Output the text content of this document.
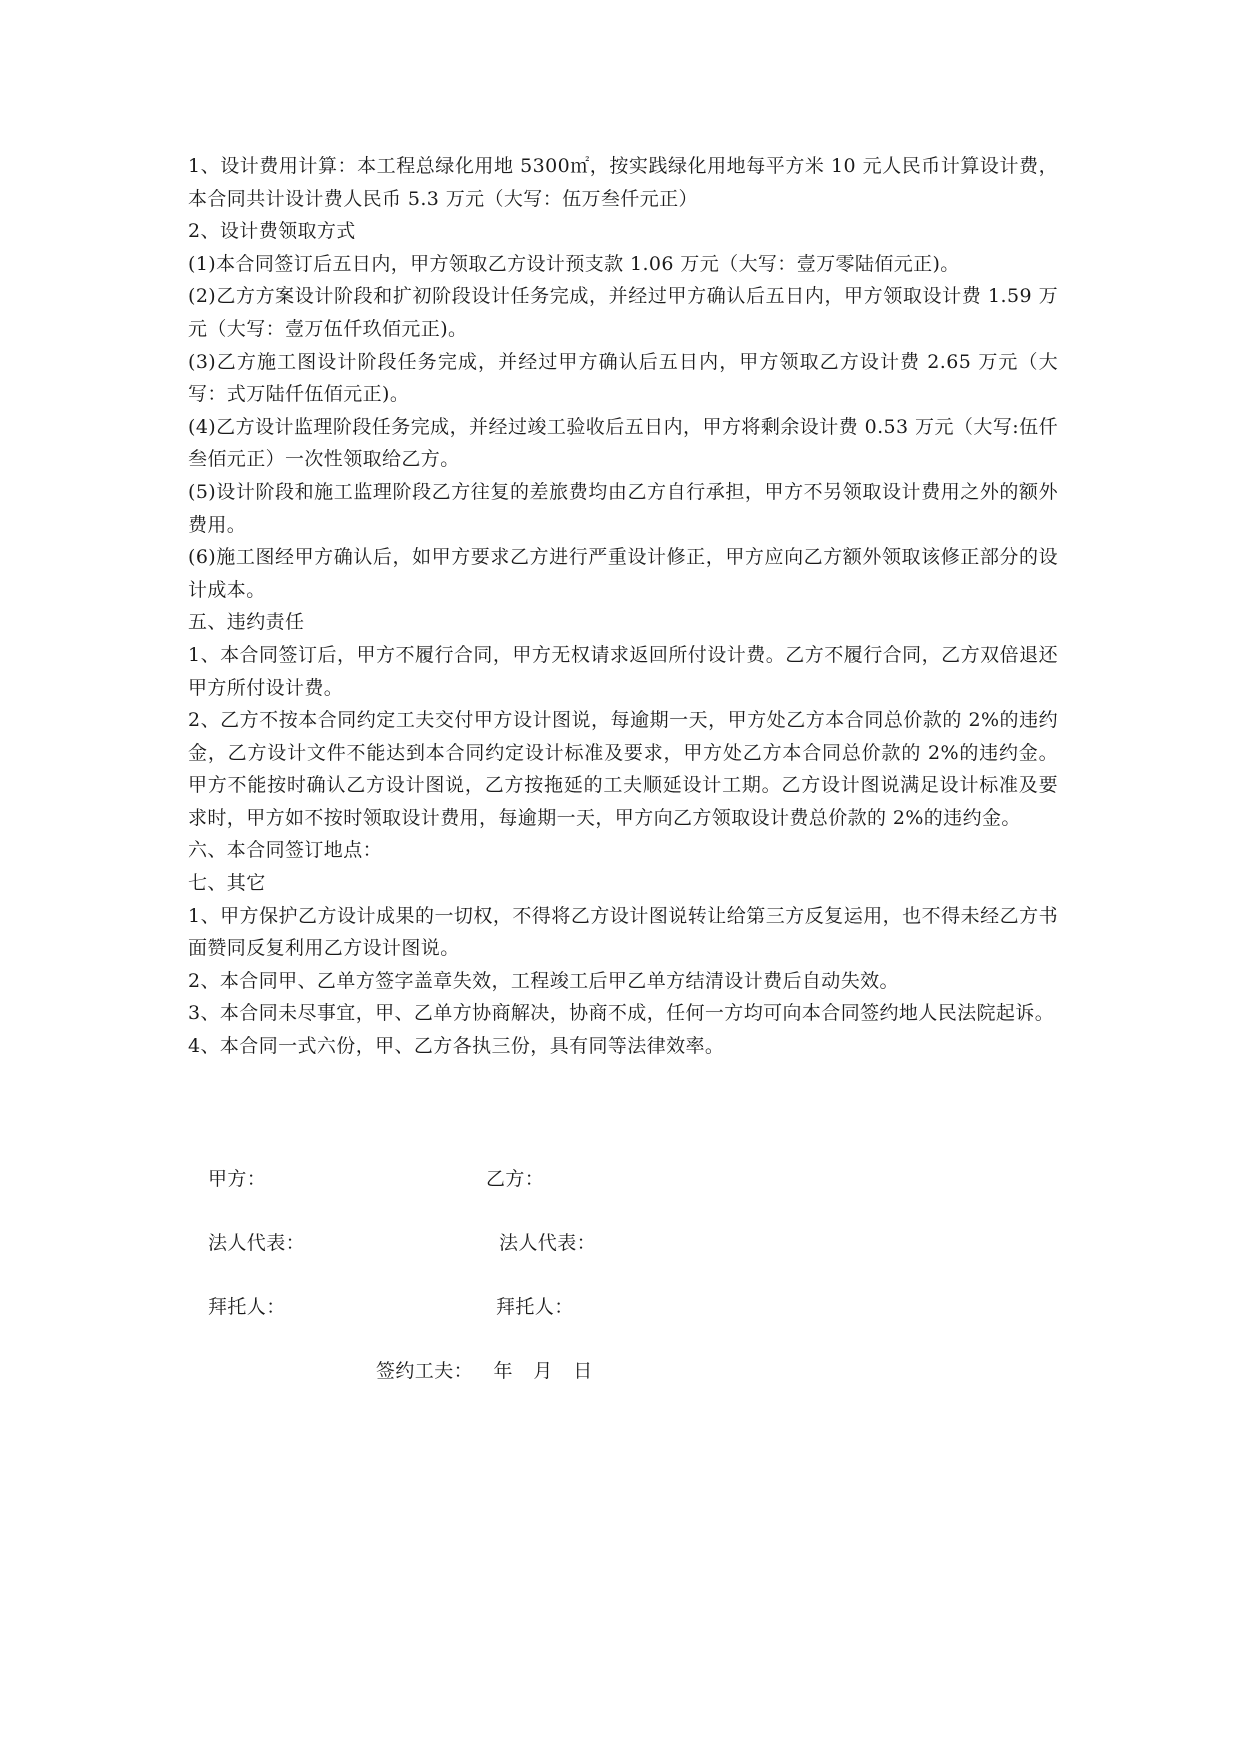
1、设计费用计算：本工程总绿化用地 5300㎡，按实践绿化用地每平方米 10 元人民币计算设计费，本合同共计设计费人民币 5.3 万元（大写：伍万叁仟元正）

2、设计费领取方式

(1)本合同签订后五日内，甲方领取乙方设计预支款 1.06 万元（大写：壹万零陆佰元正)。

(2)乙方方案设计阶段和扩初阶段设计任务完成，并经过甲方确认后五日内，甲方领取设计费 1.59 万元（大写：壹万伍仟玖佰元正)。

(3)乙方施工图设计阶段任务完成，并经过甲方确认后五日内，甲方领取乙方设计费 2.65 万元（大写：式万陆仟伍佰元正)。

(4)乙方设计监理阶段任务完成，并经过竣工验收后五日内，甲方将剩余设计费 0.53 万元（大写:伍仟叁佰元正）一次性领取给乙方。

(5)设计阶段和施工监理阶段乙方往复的差旅费均由乙方自行承担，甲方不另领取设计费用之外的额外费用。

(6)施工图经甲方确认后，如甲方要求乙方进行严重设计修正，甲方应向乙方额外领取该修正部分的设计成本。

五、违约责任

1、本合同签订后，甲方不履行合同，甲方无权请求返回所付设计费。乙方不履行合同，乙方双倍退还甲方所付设计费。

2、乙方不按本合同约定工夫交付甲方设计图说，每逾期一天，甲方处乙方本合同总价款的 2%的违约金，乙方设计文件不能达到本合同约定设计标准及要求，甲方处乙方本合同总价款的 2%的违约金。甲方不能按时确认乙方设计图说，乙方按拖延的工夫顺延设计工期。乙方设计图说满足设计标准及要求时，甲方如不按时领取设计费用，每逾期一天，甲方向乙方领取设计费总价款的 2%的违约金。

六、本合同签订地点：

七、其它

1、甲方保护乙方设计成果的一切权，不得将乙方设计图说转让给第三方反复运用，也不得未经乙方书面赞同反复利用乙方设计图说。

2、本合同甲、乙单方签字盖章失效，工程竣工后甲乙单方结清设计费后自动失效。

3、本合同未尽事宜，甲、乙单方协商解决，协商不成，任何一方均可向本合同签约地人民法院起诉。

4、本合同一式六份，甲、乙方各执三份，具有同等法律效率。

甲方：	乙方：
法人代表：	法人代表：
拜托人：	拜托人：
签约工夫： 年 月 日
